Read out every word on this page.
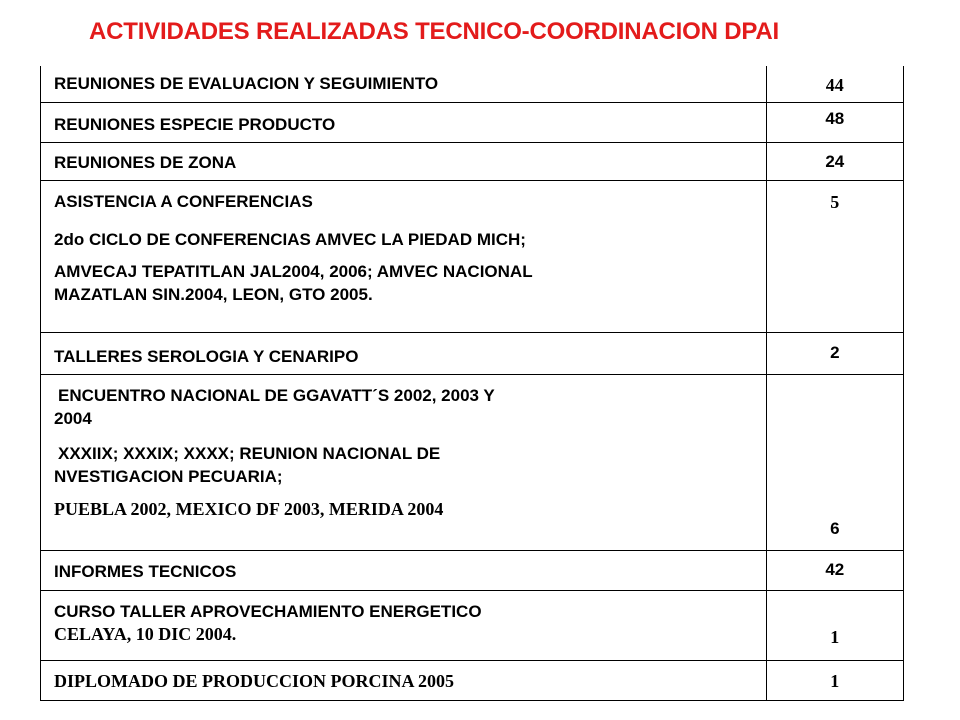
ACTIVIDADES REALIZADAS TECNICO-COORDINACION DPAI
REUNIONES DE EVALUACION Y SEGUIMIENTO	44

REUNIONES ESPECIE PRODUCTO	48

REUNIONES DE ZONA	24

ASISTENCIA A CONFERENCIAS
2do CICLO DE CONFERENCIAS AMVEC LA PIEDAD MICH;
AMVECAJ TEPATITLAN JAL2004, 2006; AMVEC NACIONAL
MAZATLAN SIN.2004, LEON, GTO 2005.	5

TALLERES SEROLOGIA Y CENARIPO	2

ENCUENTRO NACIONAL DE GGAVATT´S 2002, 2003 Y
2004
XXXIIX; XXXIX; XXXX; REUNION NACIONAL DE
NVESTIGACION PECUARIA;
PUEBLA 2002, MEXICO DF 2003, MERIDA 2004	6

INFORMES TECNICOS	42

CURSO TALLER APROVECHAMIENTO ENERGETICO
CELAYA, 10 DIC 2004.	1

DIPLOMADO DE PRODUCCION PORCINA 2005	1
